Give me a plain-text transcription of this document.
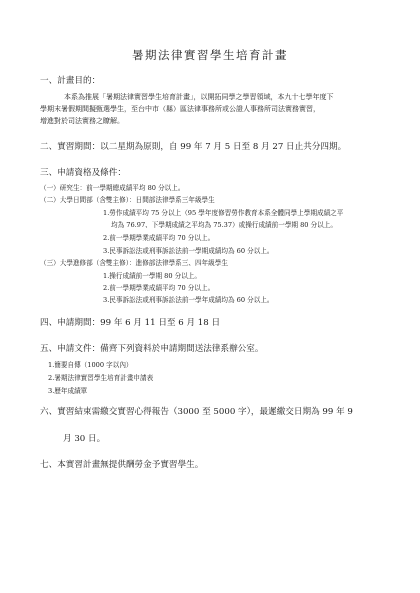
暑期法律實習學生培育計畫
一、計畫目的：
本系為推展「暑期法律實習學生培育計畫」，以開拓同學之學習領域，本九十七學年度下
學期末暑假期間擬甄選學生，至台中市（縣）區法律事務所或公證人事務所司法實務實習，
增進對於司法實務之瞭解。
二、實習期間：以二星期為原則，自 99 年 7 月 5 日至 8 月 27 日止共分四期。
三、申請資格及條件：
（一）研究生：前一學期總成績平均 80 分以上。
（二）大學日間部（含雙主修）：日間部法律學系三年級學生
1.勞作成績平均 75 分以上（95 學年度修習勞作教育本系全體同學上學期成績之平
均為 76.97、下學期成績之平均為 75.37）或操行成績前一學期 80 分以上。
2.前一學期學業成績平均 70 分以上。
3.民事訴訟法或刑事訴訟法前一學期成績均為 60 分以上。
（三）大學進修部（含雙主修）：進修部法律學系三、四年級學生
1.操行成績前一學期 80 分以上。
2.前一學期學業成績平均 70 分以上。
3.民事訴訟法或刑事訴訟法前一學年成績均為 60 分以上。
四、申請期間：99 年 6 月 11 日至 6 月 18 日
五、申請文件：備齊下列資料於申請期間送法律系辦公室。
1.簡要自傳（1000 字以內）
2.暑期法律實習學生培育計畫申請表
3.歷年成績單
六、實習結束需繳交實習心得報告（3000 至 5000 字），最遲繳交日期為 99 年 9
月 30 日。
七、本實習計畫無提供酬勞金予實習學生。
